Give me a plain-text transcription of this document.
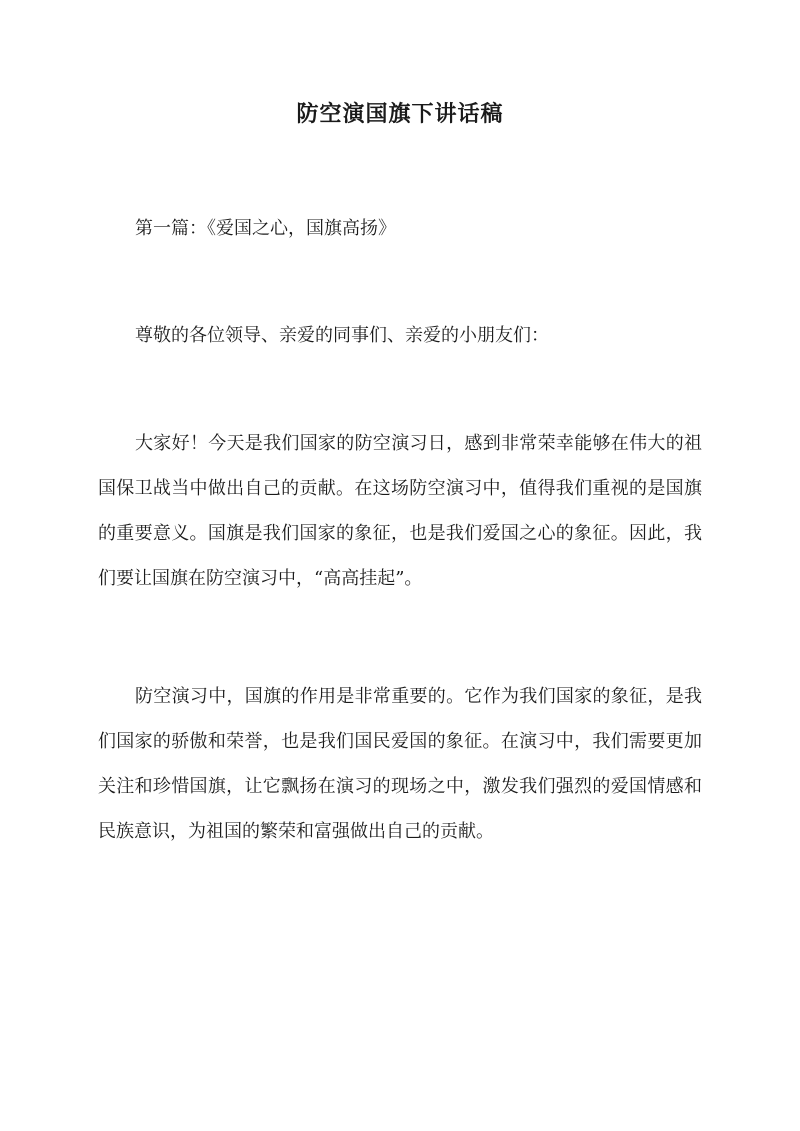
防空演国旗下讲话稿

第一篇：《爱国之心，国旗高扬》

尊敬的各位领导、亲爱的同事们、亲爱的小朋友们：

大家好！今天是我们国家的防空演习日，感到非常荣幸能够在伟大的祖国保卫战当中做出自己的贡献。在这场防空演习中，值得我们重视的是国旗的重要意义。国旗是我们国家的象征，也是我们爱国之心的象征。因此，我们要让国旗在防空演习中，“高高挂起”。

防空演习中，国旗的作用是非常重要的。它作为我们国家的象征，是我们国家的骄傲和荣誉，也是我们国民爱国的象征。在演习中，我们需要更加关注和珍惜国旗，让它飘扬在演习的现场之中，激发我们强烈的爱国情感和民族意识，为祖国的繁荣和富强做出自己的贡献。
